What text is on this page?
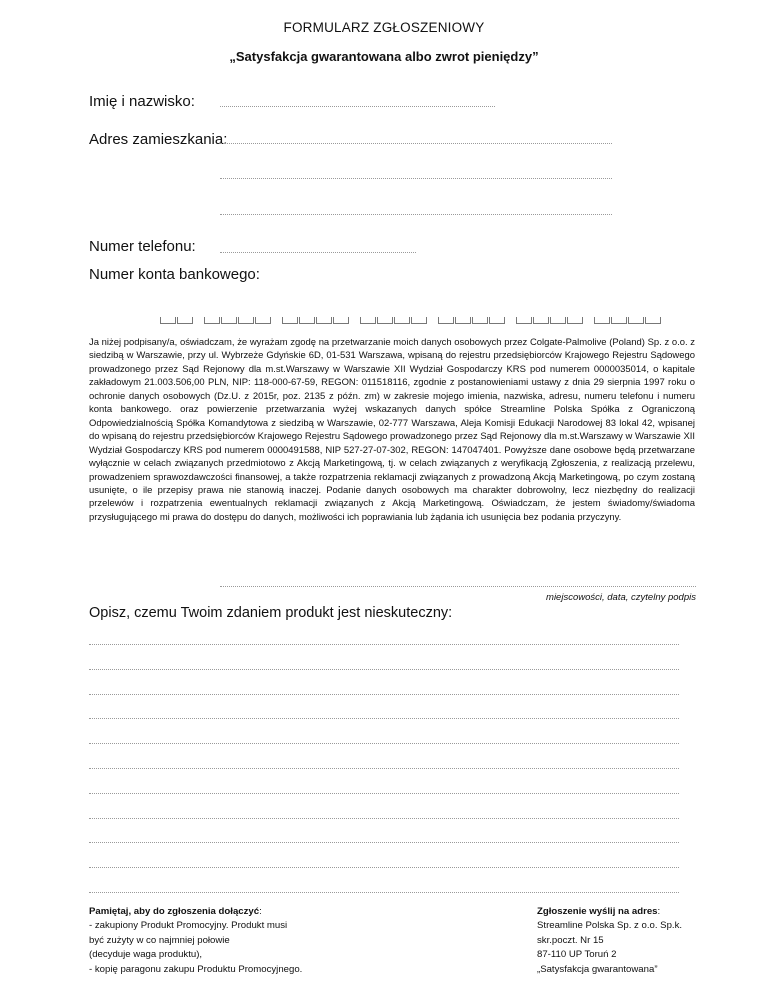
FORMULARZ ZGŁOSZENIOWY
„Satysfakcja gwarantowana albo zwrot pieniędzy”
Imię i nazwisko:
Adres zamieszkania:
Numer telefonu:
Numer konta bankowego:
Ja niżej podpisany/a, oświadczam, że wyrażam zgodę na przetwarzanie moich danych osobowych przez Colgate-Palmolive (Poland) Sp. z o.o. z siedzibą w Warszawie, przy ul. Wybrzeże Gdyńskie 6D, 01-531 Warszawa, wpisaną do rejestru przedsiębiorców Krajowego Rejestru Sądowego prowadzonego przez Sąd Rejonowy dla m.st.Warszawy w Warszawie XII Wydział Gospodarczy KRS pod numerem 0000035014, o kapitale zakładowym 21.003.506,00 PLN, NIP: 118-000-67-59, REGON: 011518116, zgodnie z postanowieniami ustawy z dnia 29 sierpnia 1997 roku o ochronie danych osobowych (Dz.U. z 2015r, poz. 2135 z późn. zm) w zakresie mojego imienia, nazwiska, adresu, numeru telefonu i numeru konta bankowego. oraz powierzenie przetwarzania wyżej wskazanych danych spółce Streamline Polska Spółka z Ograniczoną Odpowiedzialnością Spółka Komandytowa z siedzibą w Warszawie, 02-777 Warszawa, Aleja Komisji Edukacji Narodowej 83 lokal 42, wpisanej do wpisaną do rejestru przedsiębiorców Krajowego Rejestru Sądowego prowadzonego przez Sąd Rejonowy dla m.st.Warszawy w Warszawie XII Wydział Gospodarczy KRS pod numerem 0000491588, NIP 527-27-07-302, REGON: 147047401. Powyższe dane osobowe będą przetwarzane wyłącznie w celach związanych przedmiotowo z Akcją Marketingową, tj. w celach związanych z weryfikacją Zgłoszenia, z realizacją przelewu, prowadzeniem sprawozdawczości finansowej, a także rozpatrzenia reklamacji związanych z prowadzoną Akcją Marketingową, po czym zostaną usunięte, o ile przepisy prawa nie stanowią inaczej. Podanie danych osobowych ma charakter dobrowolny, lecz niezbędny do realizacji przelewów i rozpatrzenia ewentualnych reklamacji związanych z Akcją Marketingową. Oświadczam, że jestem świadomy/świadoma przysługującego mi prawa do dostępu do danych, możliwości ich poprawiania lub żądania ich usunięcia bez podania przyczyny.
miejscowości, data, czytelny podpis
Opisz, czemu Twoim zdaniem produkt jest nieskuteczny:
Pamiętaj, aby do zgłoszenia dołączyć:
- zakupiony Produkt Promocyjny. Produkt musi
być zużyty w co najmniej połowie
(decyduje waga produktu),
- kopię paragonu zakupu Produktu Promocyjnego.
Zgłoszenie wyślij na adres:
Streamline Polska Sp. z o.o. Sp.k.
skr.poczt. Nr 15
87-110 UP Toruń 2
„Satysfakcja gwarantowana”
